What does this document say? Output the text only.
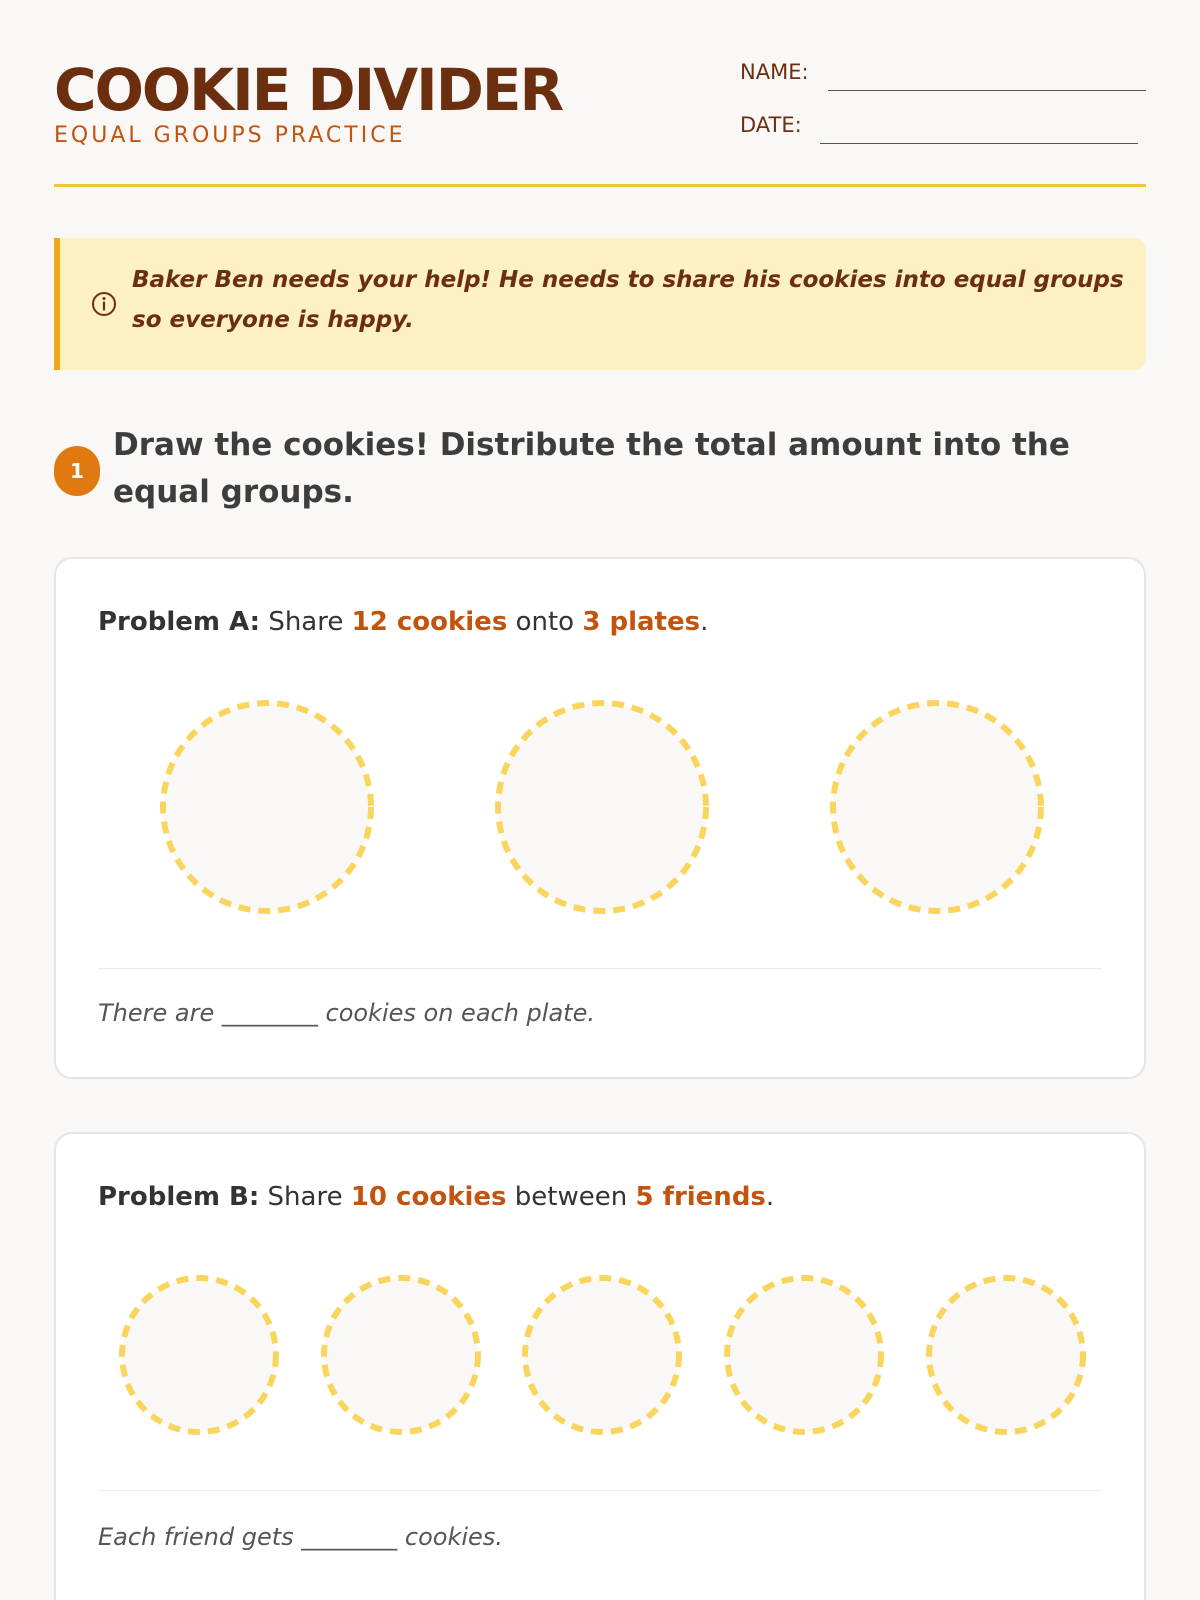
COOKIE DIVIDER
EQUAL GROUPS PRACTICE
NAME:
DATE:
Baker Ben needs your help! He needs to share his cookies into equal groups so everyone is happy.
1
Draw the cookies! Distribute the total amount into the equal groups.
Problem A: Share 12 cookies onto 3 plates.
There are ________ cookies on each plate.
Problem B: Share 10 cookies between 5 friends.
Each friend gets ________ cookies.
